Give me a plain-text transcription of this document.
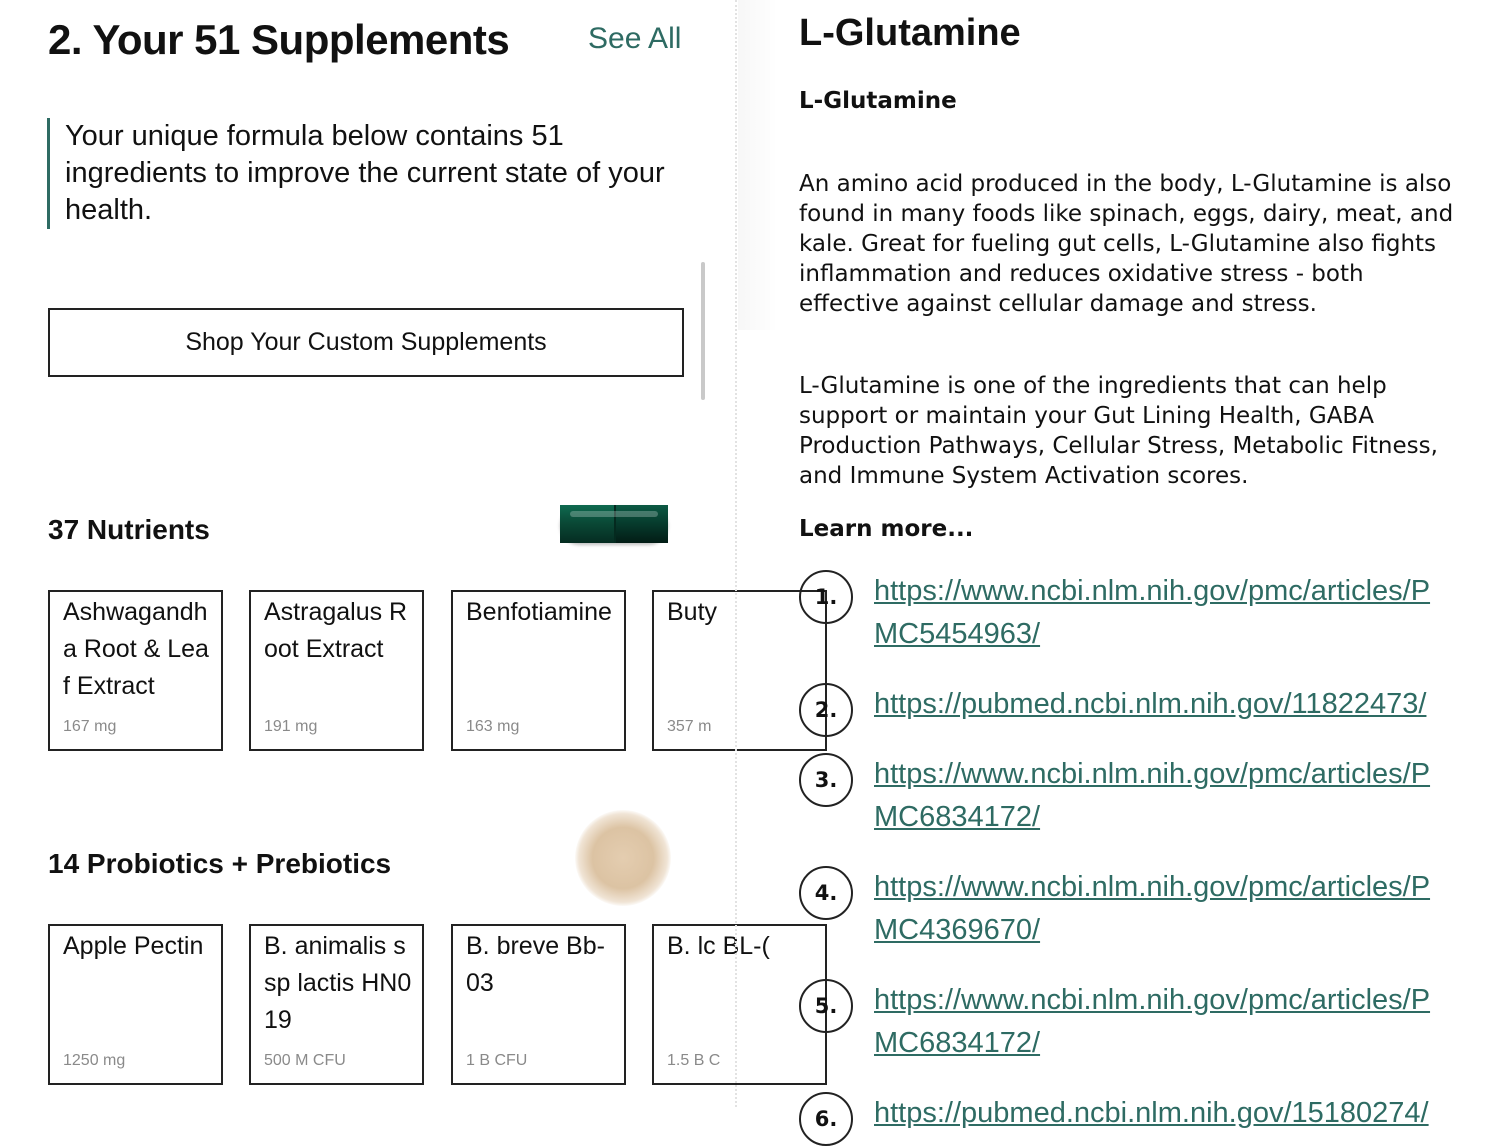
2. Your 51 Supplements	See All

Your unique formula below contains 51 ingredients to improve the current state of your health.

Shop Your Custom Supplements
37 Nutrients
Ashwagandha Root & Leaf Extract
167 mg
Astragalus Root Extract
191 mg
Benfotiamine
163 mg
Buty
357 m
14 Probiotics + Prebiotics
Apple Pectin
1250 mg
B. animalis ssp lactis HN019
500 M CFU
B. breve Bb-03
1 B CFU
B. lc BL-(
1.5 B C
L-Glutamine
L-Glutamine

An amino acid produced in the body, L-Glutamine is also found in many foods like spinach, eggs, dairy, meat, and kale. Great for fueling gut cells, L-Glutamine also fights inflammation and reduces oxidative stress - both effective against cellular damage and stress.

L-Glutamine is one of the ingredients that can help support or maintain your Gut Lining Health, GABA Production Pathways, Cellular Stress, Metabolic Fitness, and Immune System Activation scores.

Learn more...
1.	https://www.ncbi.nlm.nih.gov/pmc/articles/PMC5454963/
2.	https://pubmed.ncbi.nlm.nih.gov/11822473/
3.	https://www.ncbi.nlm.nih.gov/pmc/articles/PMC6834172/
4.	https://www.ncbi.nlm.nih.gov/pmc/articles/PMC4369670/
5.	https://www.ncbi.nlm.nih.gov/pmc/articles/PMC6834172/
6.	https://pubmed.ncbi.nlm.nih.gov/15180274/
